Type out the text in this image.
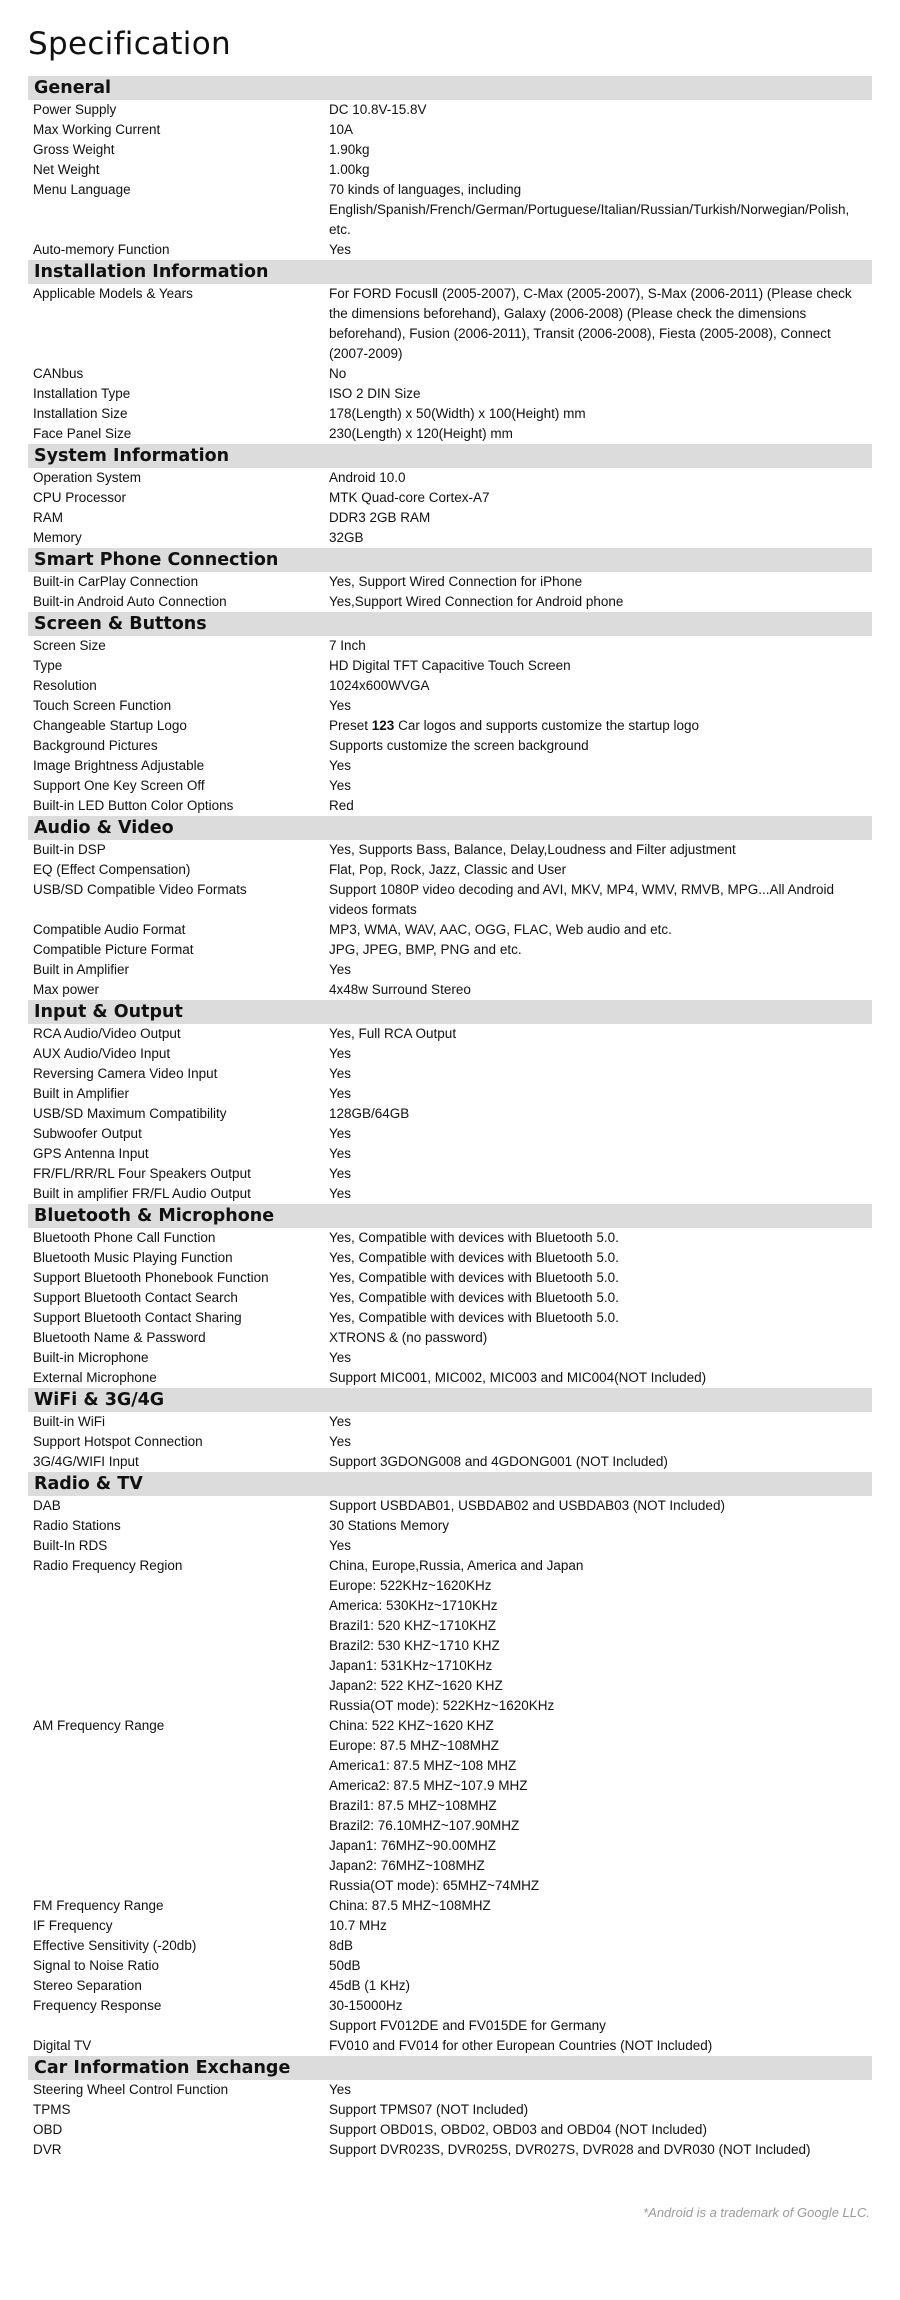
Specification
General
Power Supply	DC 10.8V-15.8V
Max Working Current	10A
Gross Weight	1.90kg
Net Weight	1.00kg
Menu Language	70 kinds of languages, including
English/Spanish/French/German/Portuguese/Italian/Russian/Turkish/Norwegian/Polish,
etc.
Auto-memory Function	Yes
Installation Information
Applicable Models & Years	For FORD FocusⅡ (2005-2007), C-Max (2005-2007), S-Max (2006-2011) (Please check
the dimensions beforehand), Galaxy (2006-2008) (Please check the dimensions
beforehand), Fusion (2006-2011), Transit (2006-2008), Fiesta (2005-2008), Connect
(2007-2009)
CANbus	No
Installation Type	ISO 2 DIN Size
Installation Size	178(Length) x 50(Width) x 100(Height) mm
Face Panel Size	230(Length) x 120(Height) mm
System Information
Operation System	Android 10.0
CPU Processor	MTK Quad-core Cortex-A7
RAM	DDR3 2GB RAM
Memory	32GB
Smart Phone Connection
Built-in CarPlay Connection	Yes, Support Wired Connection for iPhone
Built-in Android Auto Connection	Yes,Support Wired Connection for Android phone
Screen & Buttons
Screen Size	7 Inch
Type	HD Digital TFT Capacitive Touch Screen
Resolution	1024x600WVGA
Touch Screen Function	Yes
Changeable Startup Logo	Preset 123 Car logos and supports customize the startup logo
Background Pictures	Supports customize the screen background
Image Brightness Adjustable	Yes
Support One Key Screen Off	Yes
Built-in LED Button Color Options	Red
Audio & Video
Built-in DSP	Yes, Supports Bass, Balance, Delay,Loudness and Filter adjustment
EQ (Effect Compensation)	Flat, Pop, Rock, Jazz, Classic and User
USB/SD Compatible Video Formats	Support 1080P video decoding and AVI, MKV, MP4, WMV, RMVB, MPG...All Android
videos formats
Compatible Audio Format	MP3, WMA, WAV, AAC, OGG, FLAC, Web audio and etc.
Compatible Picture Format	JPG, JPEG, BMP, PNG and etc.
Built in Amplifier	Yes
Max power	4x48w Surround Stereo
Input & Output
RCA Audio/Video Output	Yes, Full RCA Output
AUX Audio/Video Input	Yes
Reversing Camera Video Input	Yes
Built in Amplifier	Yes
USB/SD Maximum Compatibility	128GB/64GB
Subwoofer Output	Yes
GPS Antenna Input	Yes
FR/FL/RR/RL Four Speakers Output	Yes
Built in amplifier FR/FL Audio Output	Yes
Bluetooth & Microphone
Bluetooth Phone Call Function	Yes, Compatible with devices with Bluetooth 5.0.
Bluetooth Music Playing Function	Yes, Compatible with devices with Bluetooth 5.0.
Support Bluetooth Phonebook Function	Yes, Compatible with devices with Bluetooth 5.0.
Support Bluetooth Contact Search	Yes, Compatible with devices with Bluetooth 5.0.
Support Bluetooth Contact Sharing	Yes, Compatible with devices with Bluetooth 5.0.
Bluetooth Name & Password	XTRONS & (no password)
Built-in Microphone	Yes
External Microphone	Support MIC001, MIC002, MIC003 and MIC004(NOT Included)
WiFi & 3G/4G
Built-in WiFi	Yes
Support Hotspot Connection	Yes
3G/4G/WIFI Input	Support 3GDONG008 and 4GDONG001 (NOT Included)
Radio & TV
DAB	Support USBDAB01, USBDAB02 and USBDAB03 (NOT Included)
Radio Stations	30 Stations Memory
Built-In RDS	Yes
Radio Frequency Region	China, Europe,Russia, America and Japan
Europe: 522KHz~1620KHz
America: 530KHz~1710KHz
Brazil1: 520 KHZ~1710KHZ
Brazil2: 530 KHZ~1710 KHZ
Japan1: 531KHz~1710KHz
Japan2: 522 KHZ~1620 KHZ
Russia(OT mode): 522KHz~1620KHz
AM Frequency Range	China: 522 KHZ~1620 KHZ
Europe: 87.5 MHZ~108MHZ
America1: 87.5 MHZ~108 MHZ
America2: 87.5 MHZ~107.9 MHZ
Brazil1: 87.5 MHZ~108MHZ
Brazil2: 76.10MHZ~107.90MHZ
Japan1: 76MHZ~90.00MHZ
Japan2: 76MHZ~108MHZ
Russia(OT mode): 65MHZ~74MHZ
FM Frequency Range	China: 87.5 MHZ~108MHZ
IF Frequency	10.7 MHz
Effective Sensitivity (-20db)	8dB
Signal to Noise Ratio	50dB
Stereo Separation	45dB (1 KHz)
Frequency Response	30-15000Hz
Support FV012DE and FV015DE for Germany
Digital TV	FV010 and FV014 for other European Countries (NOT Included)
Car Information Exchange
Steering Wheel Control Function	Yes
TPMS	Support TPMS07 (NOT Included)
OBD	Support OBD01S, OBD02, OBD03 and OBD04 (NOT Included)
DVR	Support DVR023S, DVR025S, DVR027S, DVR028 and DVR030 (NOT Included)
*Android is a trademark of Google LLC.
